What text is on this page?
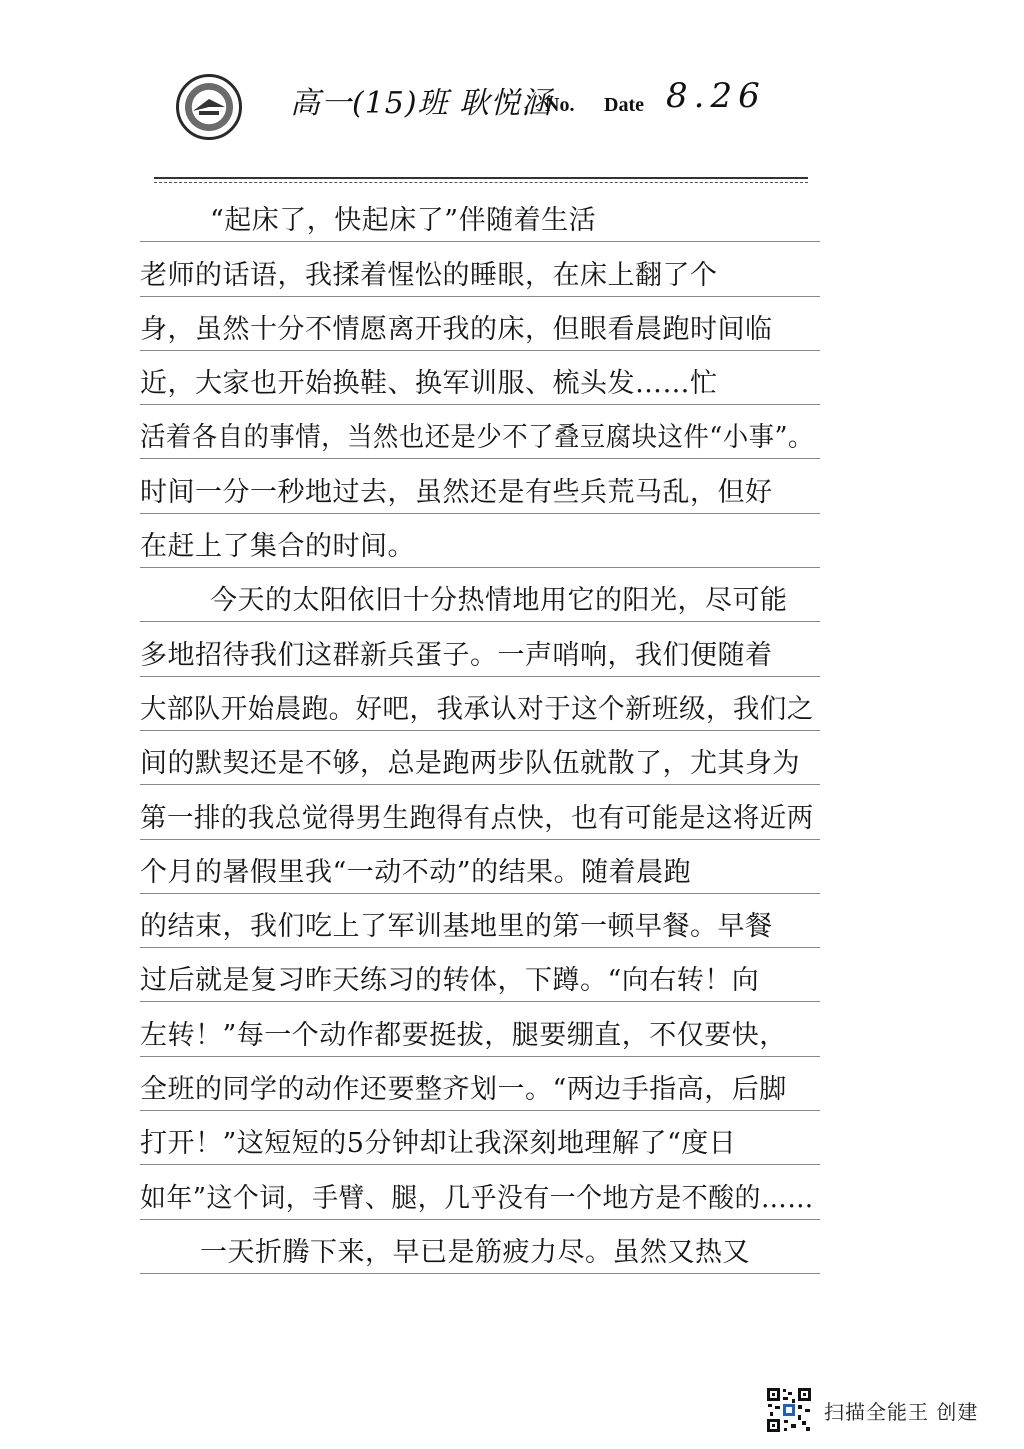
高一(15)班 耿悦涵
No. Date 8.26
“起床了，快起床了”伴随着生活
老师的话语，我揉着惺忪的睡眼，在床上翻了个
身，虽然十分不情愿离开我的床，但眼看晨跑时间临
近，大家也开始换鞋、换军训服、梳头发……忙
活着各自的事情，当然也还是少不了叠豆腐块这件“小事”。
时间一分一秒地过去，虽然还是有些兵荒马乱，但好
在赶上了集合的时间。
今天的太阳依旧十分热情地用它的阳光，尽可能
多地招待我们这群新兵蛋子。一声哨响，我们便随着
大部队开始晨跑。好吧，我承认对于这个新班级，我们之
间的默契还是不够，总是跑两步队伍就散了，尤其身为
第一排的我总觉得男生跑得有点快，也有可能是这将近两
个月的暑假里我“一动不动”的结果。随着晨跑
的结束，我们吃上了军训基地里的第一顿早餐。早餐
过后就是复习昨天练习的转体，下蹲。“向右转！向
左转！”每一个动作都要挺拔，腿要绷直，不仅要快，
全班的同学的动作还要整齐划一。“两边手指高，后脚
打开！”这短短的5分钟却让我深刻地理解了“度日
如年”这个词，手臂、腿，几乎没有一个地方是不酸的……
一天折腾下来，早已是筋疲力尽。虽然又热又
扫描全能王 创建
